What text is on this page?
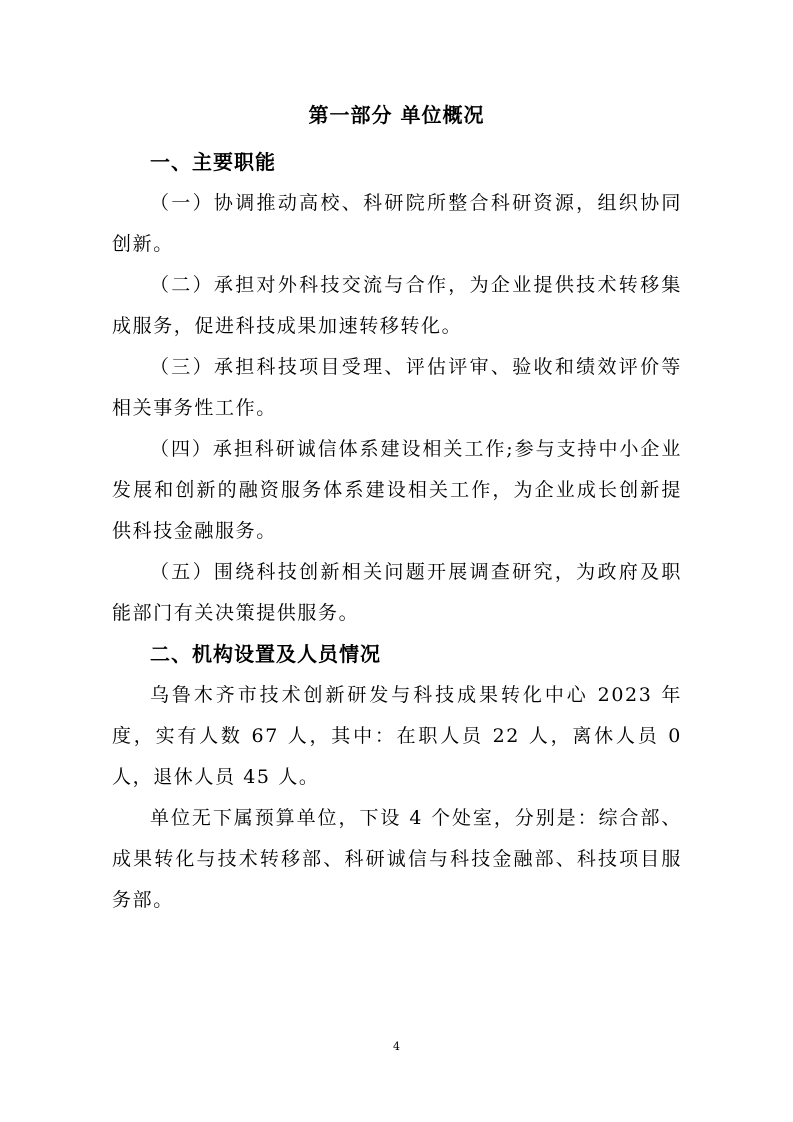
第一部分 单位概况

一、主要职能

（一）协调推动高校、科研院所整合科研资源，组织协同创新。

（二）承担对外科技交流与合作，为企业提供技术转移集成服务，促进科技成果加速转移转化。

（三）承担科技项目受理、评估评审、验收和绩效评价等相关事务性工作。

（四）承担科研诚信体系建设相关工作;参与支持中小企业发展和创新的融资服务体系建设相关工作，为企业成长创新提供科技金融服务。

（五）围绕科技创新相关问题开展调查研究，为政府及职能部门有关决策提供服务。

二、机构设置及人员情况

乌鲁木齐市技术创新研发与科技成果转化中心 2023 年度，实有人数 67 人，其中：在职人员 22 人，离休人员 0 人，退休人员 45 人。

单位无下属预算单位，下设 4 个处室，分别是：综合部、成果转化与技术转移部、科研诚信与科技金融部、科技项目服务部。

4
